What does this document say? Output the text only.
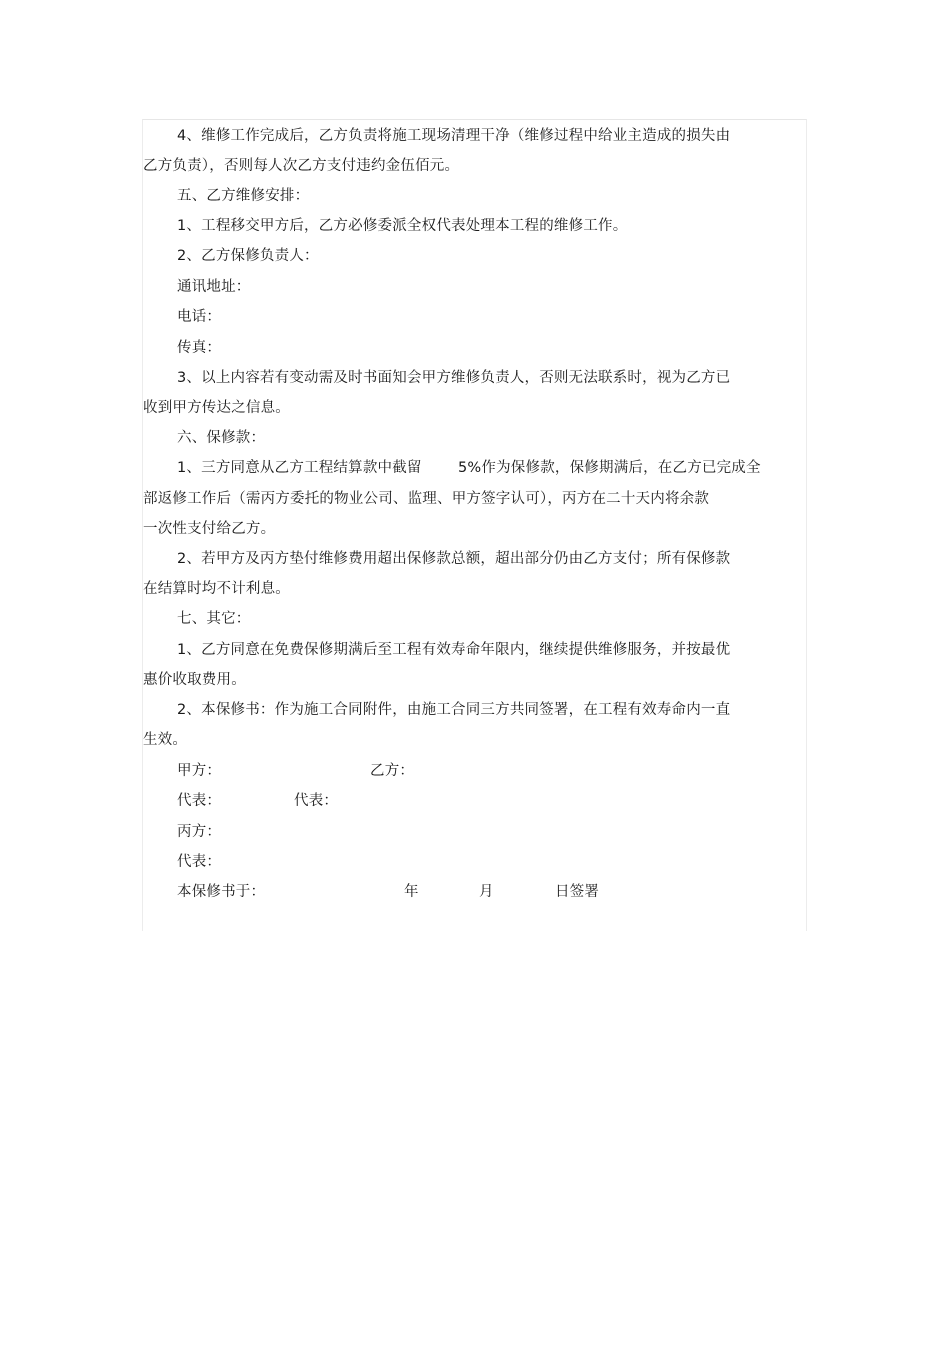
4、维修工作完成后，乙方负责将施工现场清理干净（维修过程中给业主造成的损失由
乙方负责），否则每人次乙方支付违约金伍佰元。
五、乙方维修安排：
1、工程移交甲方后，乙方必修委派全权代表处理本工程的维修工作。
2、乙方保修负责人：
通讯地址：
电话：
传真：
3、以上内容若有变动需及时书面知会甲方维修负责人，否则无法联系时，视为乙方已
收到甲方传达之信息。
六、保修款：
1、三方同意从乙方工程结算款中截留	5%作为保修款，保修期满后，在乙方已完成全
部返修工作后（需丙方委托的物业公司、监理、甲方签字认可），丙方在二十天内将余款
一次性支付给乙方。
2、若甲方及丙方垫付维修费用超出保修款总额，超出部分仍由乙方支付；所有保修款
在结算时均不计利息。
七、其它：
1、乙方同意在免费保修期满后至工程有效寿命年限内，继续提供维修服务，并按最优
惠价收取费用。
2、本保修书：作为施工合同附件，由施工合同三方共同签署，在工程有效寿命内一直
生效。
甲方：	乙方：
代表：	代表：
丙方：
代表：
本保修书于：	年	月	日签署
